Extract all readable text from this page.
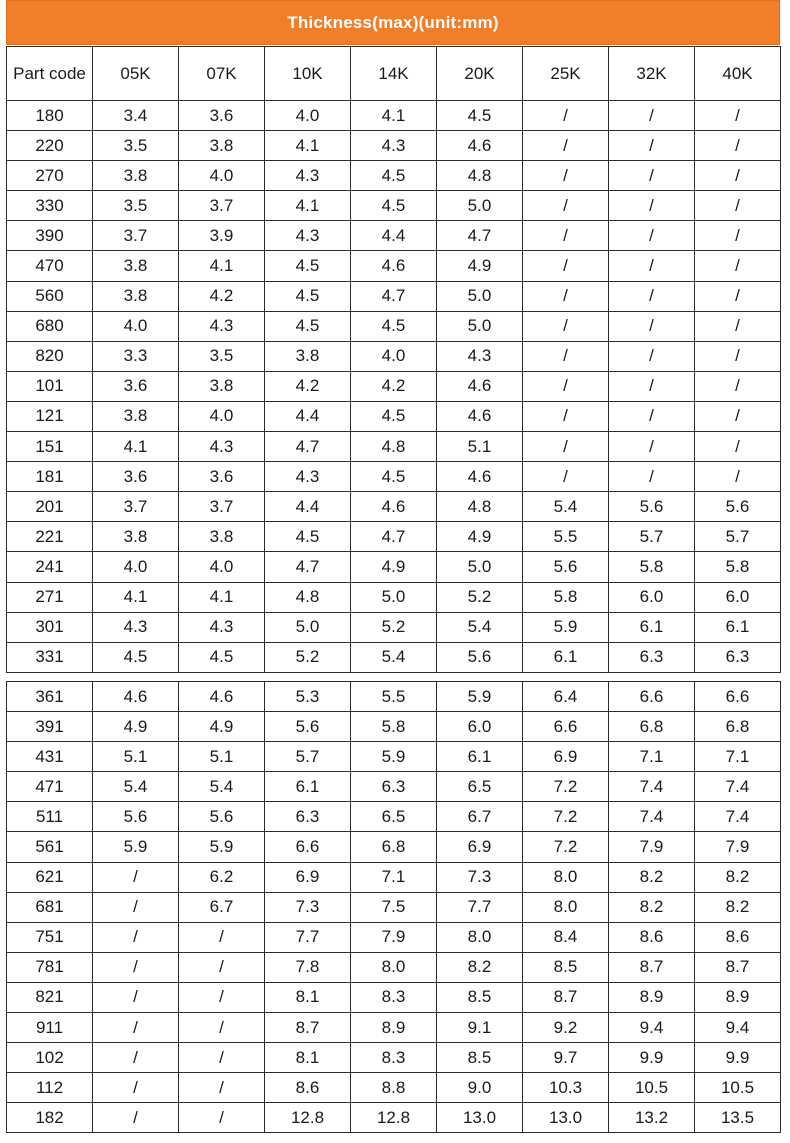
Thickness(max)(unit:mm)
Part code	05K	07K	10K	14K	20K	25K	32K	40K
180	3.4	3.6	4.0	4.1	4.5	/	/	/
220	3.5	3.8	4.1	4.3	4.6	/	/	/
270	3.8	4.0	4.3	4.5	4.8	/	/	/
330	3.5	3.7	4.1	4.5	5.0	/	/	/
390	3.7	3.9	4.3	4.4	4.7	/	/	/
470	3.8	4.1	4.5	4.6	4.9	/	/	/
560	3.8	4.2	4.5	4.7	5.0	/	/	/
680	4.0	4.3	4.5	4.5	5.0	/	/	/
820	3.3	3.5	3.8	4.0	4.3	/	/	/
101	3.6	3.8	4.2	4.2	4.6	/	/	/
121	3.8	4.0	4.4	4.5	4.6	/	/	/
151	4.1	4.3	4.7	4.8	5.1	/	/	/
181	3.6	3.6	4.3	4.5	4.6	/	/	/
201	3.7	3.7	4.4	4.6	4.8	5.4	5.6	5.6
221	3.8	3.8	4.5	4.7	4.9	5.5	5.7	5.7
241	4.0	4.0	4.7	4.9	5.0	5.6	5.8	5.8
271	4.1	4.1	4.8	5.0	5.2	5.8	6.0	6.0
301	4.3	4.3	5.0	5.2	5.4	5.9	6.1	6.1
331	4.5	4.5	5.2	5.4	5.6	6.1	6.3	6.3
361	4.6	4.6	5.3	5.5	5.9	6.4	6.6	6.6
391	4.9	4.9	5.6	5.8	6.0	6.6	6.8	6.8
431	5.1	5.1	5.7	5.9	6.1	6.9	7.1	7.1
471	5.4	5.4	6.1	6.3	6.5	7.2	7.4	7.4
511	5.6	5.6	6.3	6.5	6.7	7.2	7.4	7.4
561	5.9	5.9	6.6	6.8	6.9	7.2	7.9	7.9
621	/	6.2	6.9	7.1	7.3	8.0	8.2	8.2
681	/	6.7	7.3	7.5	7.7	8.0	8.2	8.2
751	/	/	7.7	7.9	8.0	8.4	8.6	8.6
781	/	/	7.8	8.0	8.2	8.5	8.7	8.7
821	/	/	8.1	8.3	8.5	8.7	8.9	8.9
911	/	/	8.7	8.9	9.1	9.2	9.4	9.4
102	/	/	8.1	8.3	8.5	9.7	9.9	9.9
112	/	/	8.6	8.8	9.0	10.3	10.5	10.5
182	/	/	12.8	12.8	13.0	13.0	13.2	13.5
